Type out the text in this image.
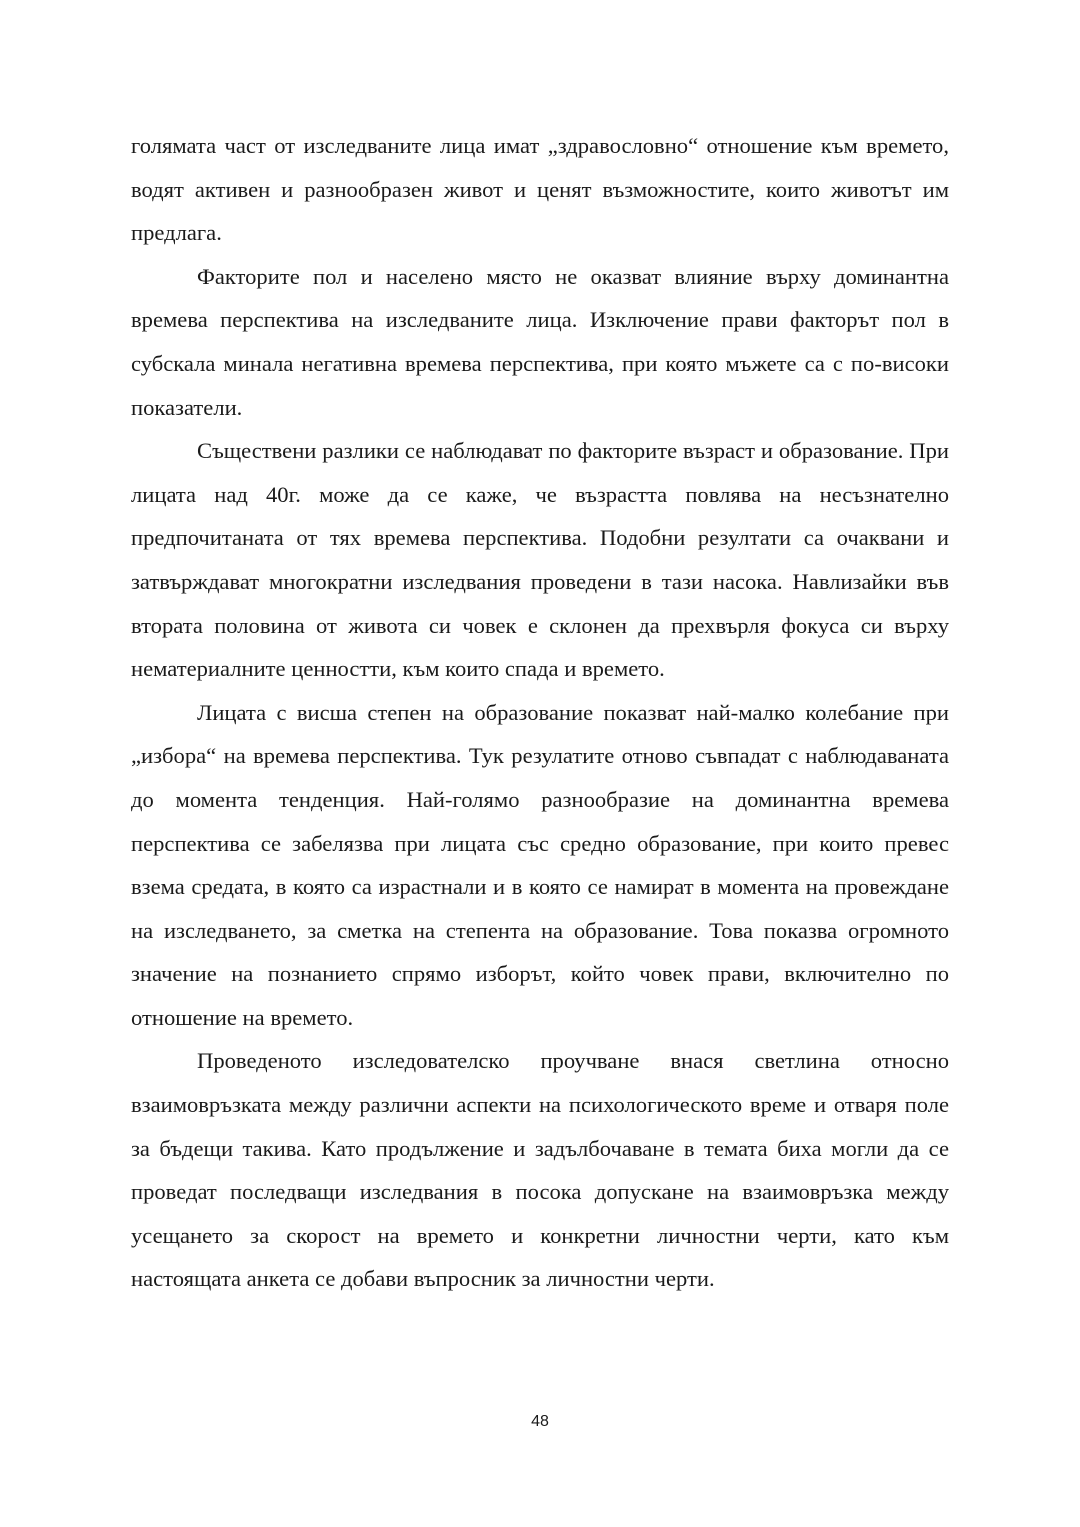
голямата част от изследваните лица имат „здравословно“ отношение към времето, водят активен и разнообразен живот и ценят възможностите, които животът им предлага.

Факторите пол и населено място не оказват влияние върху доминантна времева перспектива на изследваните лица. Изключение прави факторът пол в субскала минала негативна времева перспектива, при която мъжете са с по-високи показатели.

Съществени разлики се наблюдават по факторите възраст и образование. При лицата над 40г. може да се каже, че възрастта повлява на несъзнателно предпочитаната от тях времева перспектива. Подобни резултати са очаквани и затвърждават многократни изследвания проведени в тази насока. Навлизайки във втората половина от живота си човек е склонен да прехвърля фокуса си върху нематериалните ценностти, към които спада и времето.

Лицата с висша степен на образование показват най-малко колебание при „избора“ на времева перспектива. Тук резулатите отново съвпадат с наблюдаваната до момента тенденция. Най-голямо разнообразие на доминантна времева перспектива се забелязва при лицата със средно образование, при които превес взема средата, в която са израстнали и в която се намират в момента на провеждане на изследването, за сметка на степента на образование. Това показва огромното значение на познанието спрямо изборът, който човек прави, включително по отношение на времето.

Проведеното изследователско проучване внася светлина относно взаимовръзката между различни аспекти на психологическото време и отваря поле за бъдещи такива. Като продължение и задълбочаване в темата биха могли да се проведат последващи изследвания в посока допускане на взаимовръзка между усещането за скорост на времето и конкретни личностни черти, като към настоящата анкета се добави въпросник за личностни черти.

48
